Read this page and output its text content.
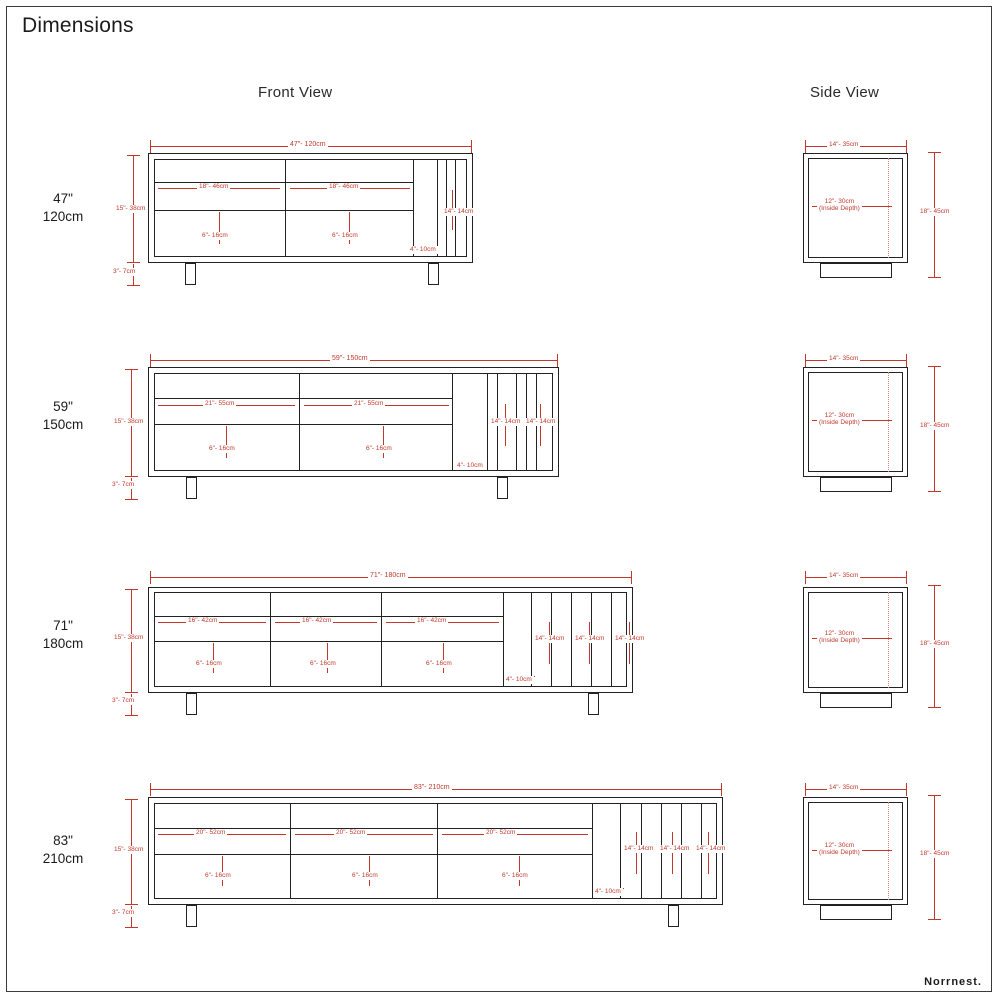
Dimensions
Front View	Side View
47"
120cm
47"- 120cm
15"- 38cm
3"- 7cm
18"- 46cm	18"- 46cm
6"- 16cm	6"- 16cm
14"- 14cm
4"- 10cm
14"- 35cm
12"- 30cm
(Inside Depth)	18"- 45cm
59"
150cm
59"- 150cm
15"- 38cm
3"- 7cm
21"- 55cm	21"- 55cm
6"- 16cm	6"- 16cm
14"- 14cm 14"- 14cm
4"- 10cm
14"- 35cm
12"- 30cm
(Inside Depth)	18"- 45cm
71"
180cm
71"- 180cm
15"- 38cm
3"- 7cm
16"- 42cm	16"- 42cm	16"- 42cm
6"- 16cm	6"- 16cm	6"- 16cm
14"- 14cm	14"- 14cm	14"- 14cm
4"- 10cm
14"- 35cm
12"- 30cm
(Inside Depth)	18"- 45cm
83"
210cm
83"- 210cm
15"- 38cm
3"- 7cm
20"- 52cm	20"- 52cm	20"- 52cm
6"- 16cm	6"- 16cm	6"- 16cm
14"- 14cm	14"- 14cm	14"- 14cm
4"- 10cm
14"- 35cm
12"- 30cm
(Inside Depth)	18"- 45cm
Norrnest.
